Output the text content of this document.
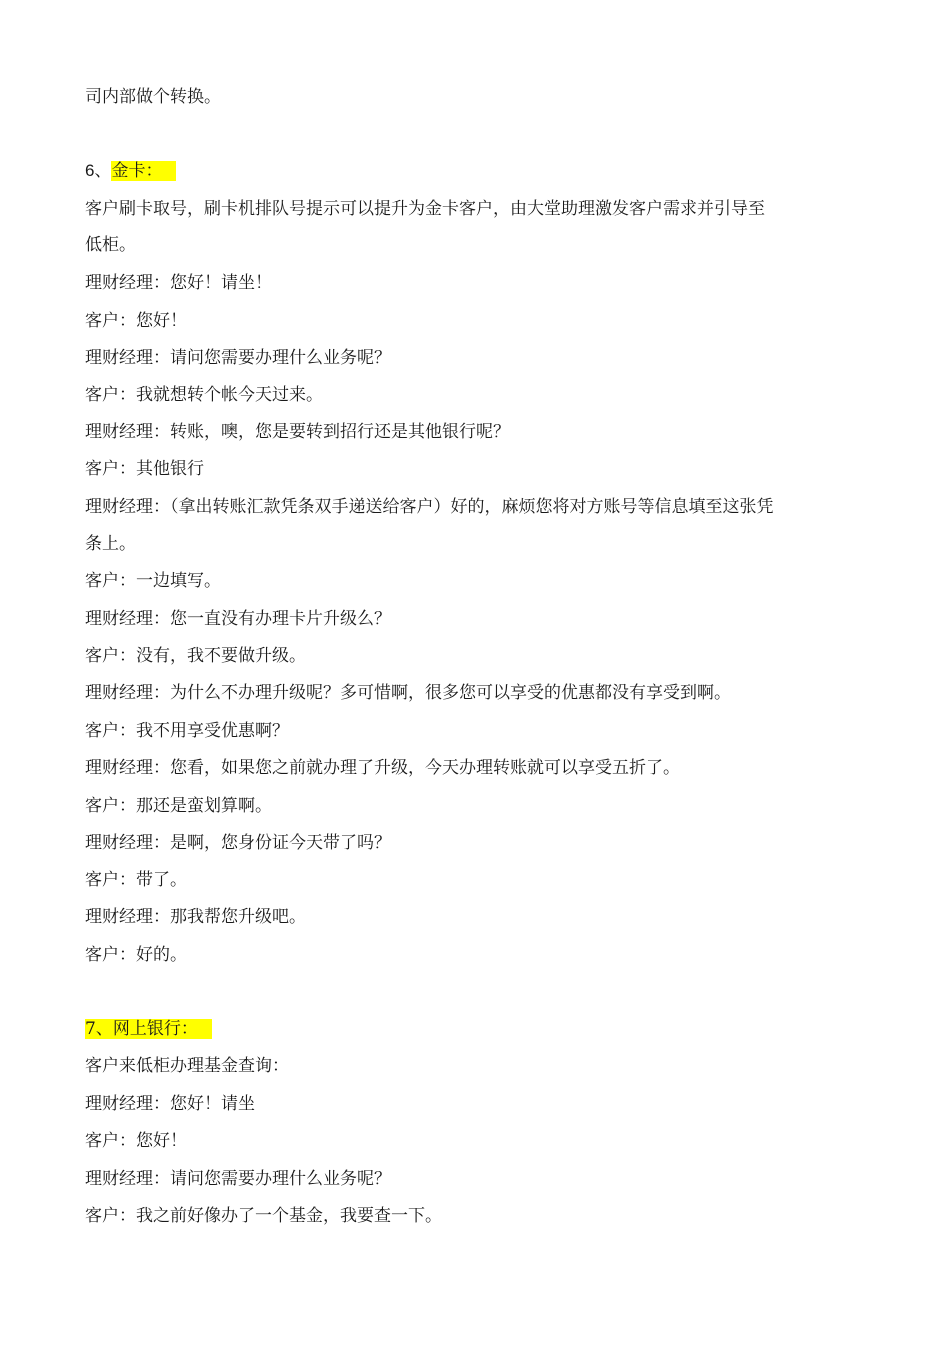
司内部做个转换。
6、金卡：
客户刷卡取号，刷卡机排队号提示可以提升为金卡客户，由大堂助理激发客户需求并引导至
低柜。
理财经理：您好！请坐！
客户：您好！
理财经理：请问您需要办理什么业务呢？
客户：我就想转个帐今天过来。
理财经理：转账，噢，您是要转到招行还是其他银行呢？
客户：其他银行
理财经理：（拿出转账汇款凭条双手递送给客户）好的，麻烦您将对方账号等信息填至这张凭
条上。
客户：一边填写。
理财经理：您一直没有办理卡片升级么？
客户：没有，我不要做升级。
理财经理：为什么不办理升级呢？多可惜啊，很多您可以享受的优惠都没有享受到啊。
客户：我不用享受优惠啊？
理财经理：您看，如果您之前就办理了升级，今天办理转账就可以享受五折了。
客户：那还是蛮划算啊。
理财经理：是啊，您身份证今天带了吗？
客户：带了。
理财经理：那我帮您升级吧。
客户：好的。
7、网上银行：
客户来低柜办理基金查询：
理财经理：您好！请坐
客户：您好！
理财经理：请问您需要办理什么业务呢？
客户：我之前好像办了一个基金，我要查一下。
